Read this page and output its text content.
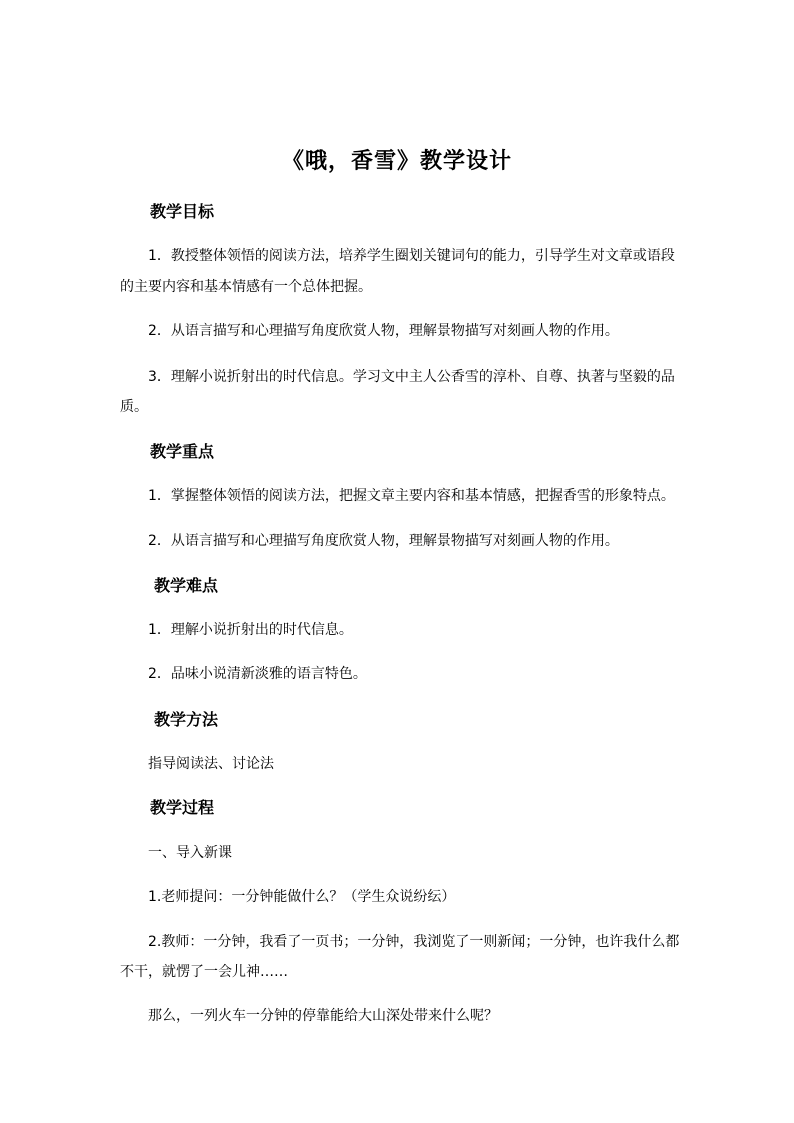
《哦，香雪》教学设计
教学目标
1．教授整体领悟的阅读方法，培养学生圈划关键词句的能力，引导学生对文章或语段
的主要内容和基本情感有一个总体把握。
2．从语言描写和心理描写角度欣赏人物，理解景物描写对刻画人物的作用。
3．理解小说折射出的时代信息。学习文中主人公香雪的淳朴、自尊、执著与坚毅的品
质。
教学重点
1．掌握整体领悟的阅读方法，把握文章主要内容和基本情感，把握香雪的形象特点。
2．从语言描写和心理描写角度欣赏人物，理解景物描写对刻画人物的作用。
教学难点
1．理解小说折射出的时代信息。
2．品味小说清新淡雅的语言特色。
教学方法
指导阅读法、讨论法
教学过程
一、导入新课
1.老师提问：一分钟能做什么？（学生众说纷纭）
2.教师：一分钟，我看了一页书；一分钟，我浏览了一则新闻；一分钟，也许我什么都
不干，就愣了一会儿神……
那么，一列火车一分钟的停靠能给大山深处带来什么呢？
